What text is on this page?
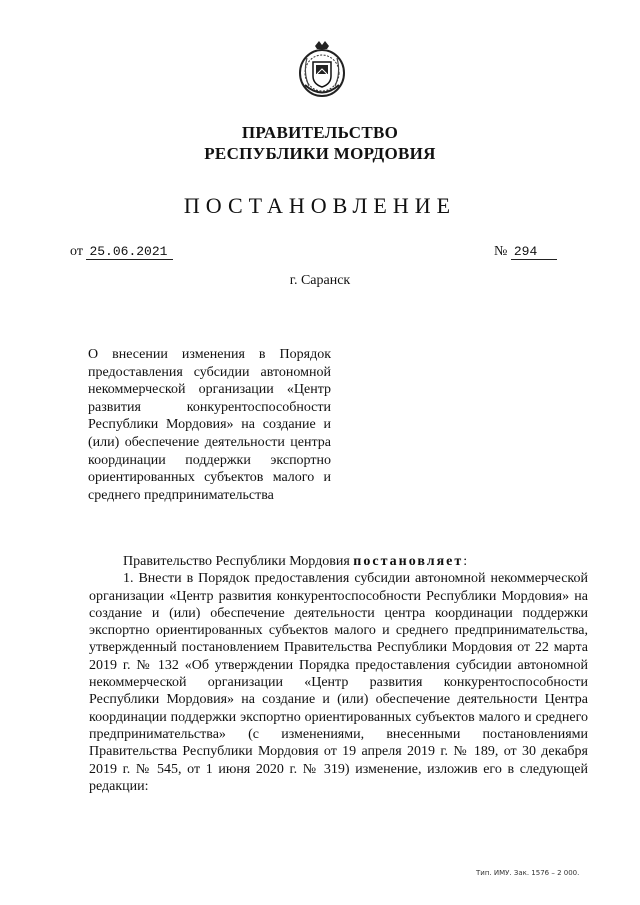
ПРАВИТЕЛЬСТВО
РЕСПУБЛИКИ МОРДОВИЯ
ПОСТАНОВЛЕНИЕ
от 25.06.2021	№ 294
г. Саранск
О внесении изменения в Порядок предоставления субсидии автономной некоммерческой организации «Центр развития конкурентоспособности Республики Мордовия» на создание и (или) обеспечение деятельности центра координации поддержки экспортно ориентированных субъектов малого и среднего предпринимательства

Правительство Республики Мордовия постановляет:

1. Внести в Порядок предоставления субсидии автономной некоммерческой организации «Центр развития конкурентоспособности Республики Мордовия» на создание и (или) обеспечение деятельности центра координации поддержки экспортно ориентированных субъектов малого и среднего предпринимательства, утвержденный постановлением Правительства Республики Мордовия от 22 марта 2019 г. № 132 «Об утверждении Порядка предоставления субсидии автономной некоммерческой организации «Центр развития конкурентоспособности Республики Мордовия» на создание и (или) обеспечение деятельности Центра координации поддержки экспортно ориентированных субъектов малого и среднего предпринимательства» (с изменениями, внесенными постановлениями Правительства Республики Мордовия от 19 апреля 2019 г. № 189, от 30 декабря 2019 г. № 545, от 1 июня 2020 г. № 319) изменение, изложив его в следующей редакции:

Тип. ИМУ. Зак. 1576 – 2 000.
